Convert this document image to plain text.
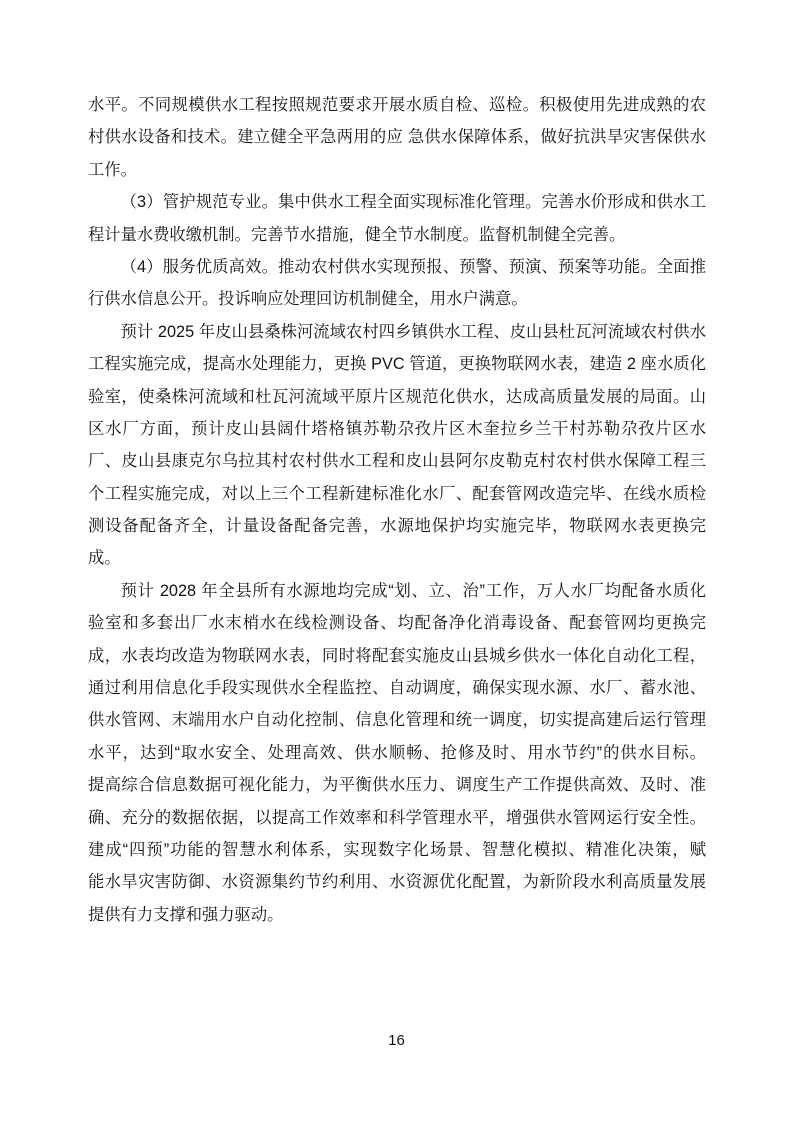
水平。不同规模供水工程按照规范要求开展水质自检、巡检。积极使用先进成熟的农
村供水设备和技术。建立健全平急两用的应 急供水保障体系，做好抗洪旱灾害保供水
工作。
（3）管护规范专业。集中供水工程全面实现标准化管理。完善水价形成和供水工
程计量水费收缴机制。完善节水措施，健全节水制度。监督机制健全完善。
（4）服务优质高效。推动农村供水实现预报、预警、预演、预案等功能。全面推
行供水信息公开。投诉响应处理回访机制健全，用水户满意。
预计 2025 年皮山县桑株河流域农村四乡镇供水工程、皮山县杜瓦河流域农村供水
工程实施完成，提高水处理能力，更换 PVC 管道，更换物联网水表，建造 2 座水质化
验室，使桑株河流域和杜瓦河流域平原片区规范化供水，达成高质量发展的局面。山
区水厂方面，预计皮山县阔什塔格镇苏勒尕孜片区木奎拉乡兰干村苏勒尕孜片区水
厂、皮山县康克尔乌拉其村农村供水工程和皮山县阿尔皮勒克村农村供水保障工程三
个工程实施完成，对以上三个工程新建标准化水厂、配套管网改造完毕、在线水质检
测设备配备齐全，计量设备配备完善，水源地保护均实施完毕，物联网水表更换完
成。
预计 2028 年全县所有水源地均完成“划、立、治”工作，万人水厂均配备水质化
验室和多套出厂水末梢水在线检测设备、均配备净化消毒设备、配套管网均更换完
成，水表均改造为物联网水表，同时将配套实施皮山县城乡供水一体化自动化工程，
通过利用信息化手段实现供水全程监控、自动调度，确保实现水源、水厂、蓄水池、
供水管网、末端用水户自动化控制、信息化管理和统一调度，切实提高建后运行管理
水平，达到“取水安全、处理高效、供水顺畅、抢修及时、用水节约”的供水目标。
提高综合信息数据可视化能力，为平衡供水压力、调度生产工作提供高效、及时、准
确、充分的数据依据，以提高工作效率和科学管理水平，增强供水管网运行安全性。
建成“四预”功能的智慧水利体系，实现数字化场景、智慧化模拟、精准化决策，赋
能水旱灾害防御、水资源集约节约利用、水资源优化配置，为新阶段水利高质量发展
提供有力支撑和强力驱动。
16
